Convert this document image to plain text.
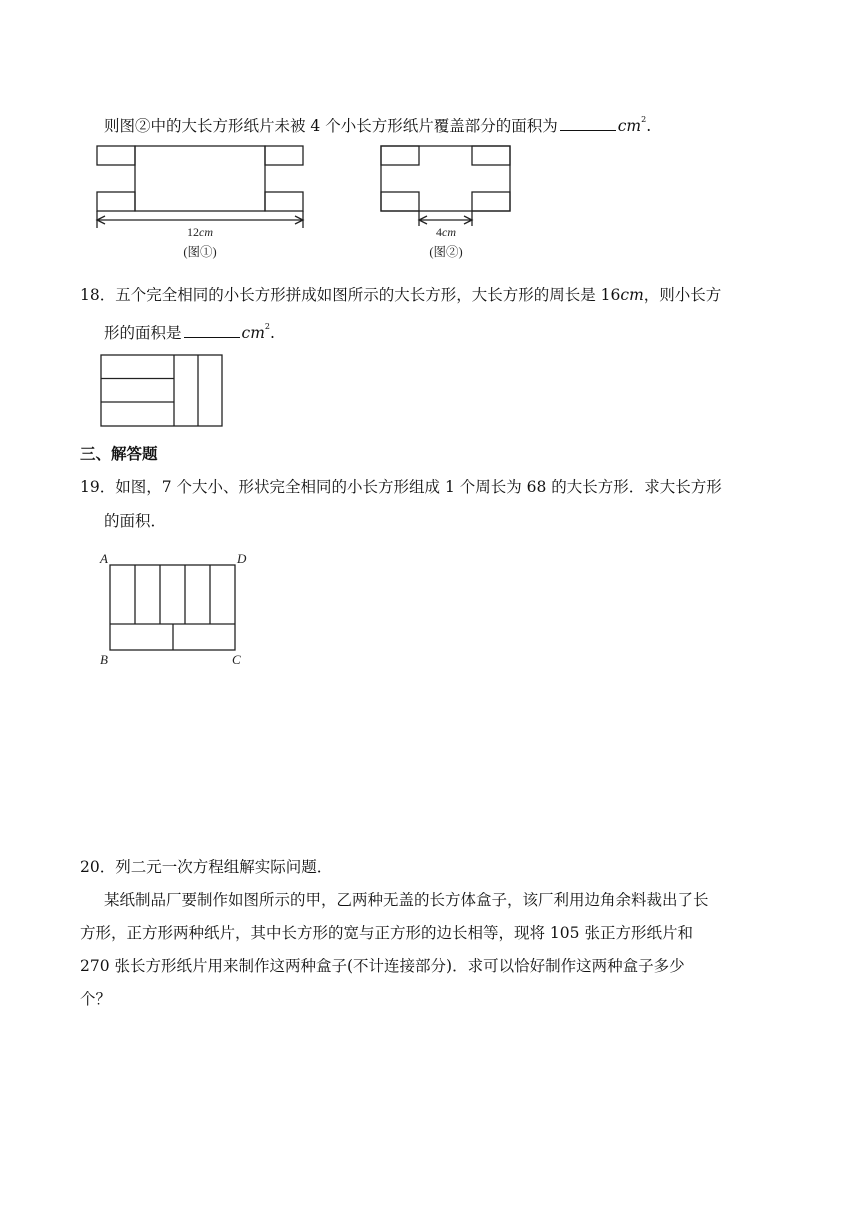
则图②中的大长方形纸片未被 4 个小长方形纸片覆盖部分的面积为	$cm^2$.
12cm
(图①)
4cm
(图②)
18．五个完全相同的小长方形拼成如图所示的大长方形，大长方形的周长是 16cm，则小长方
形的面积是	$cm^2$.
三、解答题
19．如图，7 个大小、形状完全相同的小长方形组成 1 个周长为 68 的大长方形．求大长方形
的面积．
A
B	C
D
20．列二元一次方程组解实际问题．
某纸制品厂要制作如图所示的甲，乙两种无盖的长方体盒子，该厂利用边角余料裁出了长
方形，正方形两种纸片，其中长方形的宽与正方形的边长相等，现将 105 张正方形纸片和
270 张长方形纸片用来制作这两种盒子(不计连接部分)．求可以恰好制作这两种盒子多少
个？
